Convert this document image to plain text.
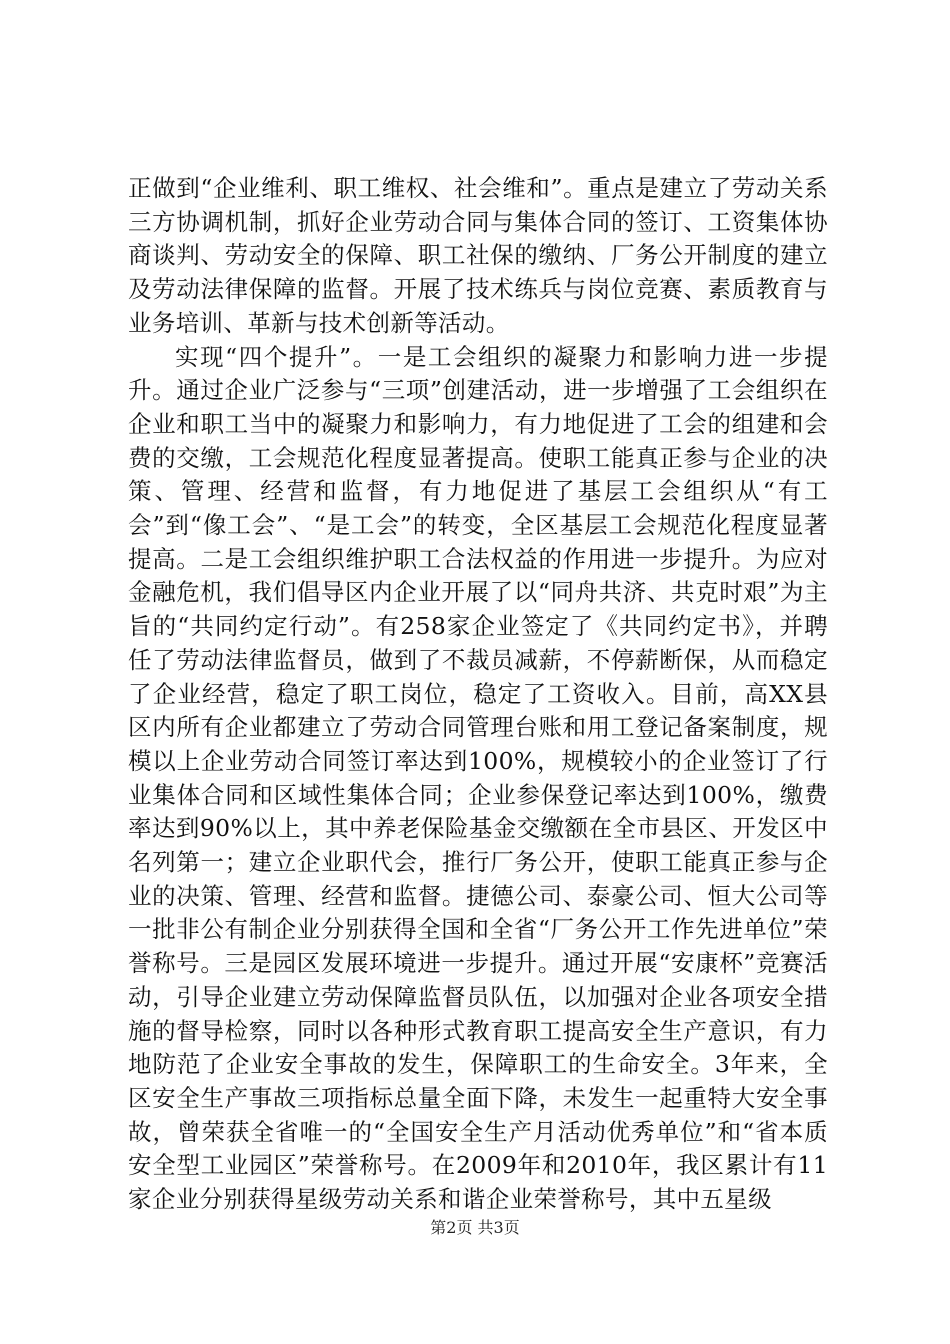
正做到“企业维利、职工维权、社会维和”。重点是建立了劳动关系三方协调机制，抓好企业劳动合同与集体合同的签订、工资集体协商谈判、劳动安全的保障、职工社保的缴纳、厂务公开制度的建立及劳动法律保障的监督。开展了技术练兵与岗位竞赛、素质教育与业务培训、革新与技术创新等活动。

实现“四个提升”。一是工会组织的凝聚力和影响力进一步提升。通过企业广泛参与“三项”创建活动，进一步增强了工会组织在企业和职工当中的凝聚力和影响力，有力地促进了工会的组建和会费的交缴，工会规范化程度显著提高。使职工能真正参与企业的决策、管理、经营和监督，有力地促进了基层工会组织从“有工会”到“像工会”、“是工会”的转变，全区基层工会规范化程度显著提高。二是工会组织维护职工合法权益的作用进一步提升。为应对金融危机，我们倡导区内企业开展了以“同舟共济、共克时艰”为主旨的“共同约定行动”。有258家企业签定了《共同约定书》，并聘任了劳动法律监督员，做到了不裁员减薪，不停薪断保，从而稳定了企业经营，稳定了职工岗位，稳定了工资收入。目前，高XX县区内所有企业都建立了劳动合同管理台账和用工登记备案制度，规模以上企业劳动合同签订率达到100%，规模较小的企业签订了行业集体合同和区域性集体合同；企业参保登记率达到100%，缴费率达到90%以上，其中养老保险基金交缴额在全市县区、开发区中名列第一；建立企业职代会，推行厂务公开，使职工能真正参与企业的决策、管理、经营和监督。捷德公司、泰豪公司、恒大公司等一批非公有制企业分别获得全国和全省“厂务公开工作先进单位”荣誉称号。三是园区发展环境进一步提升。通过开展“安康杯”竞赛活动，引导企业建立劳动保障监督员队伍，以加强对企业各项安全措施的督导检察，同时以各种形式教育职工提高安全生产意识，有力地防范了企业安全事故的发生，保障职工的生命安全。3年来，全区安全生产事故三项指标总量全面下降，未发生一起重特大安全事故，曾荣获全省唯一的“全国安全生产月活动优秀单位”和“省本质安全型工业园区”荣誉称号。在2009年和2010年，我区累计有11家企业分别获得星级劳动关系和谐企业荣誉称号，其中五星级

第2页 共3页
